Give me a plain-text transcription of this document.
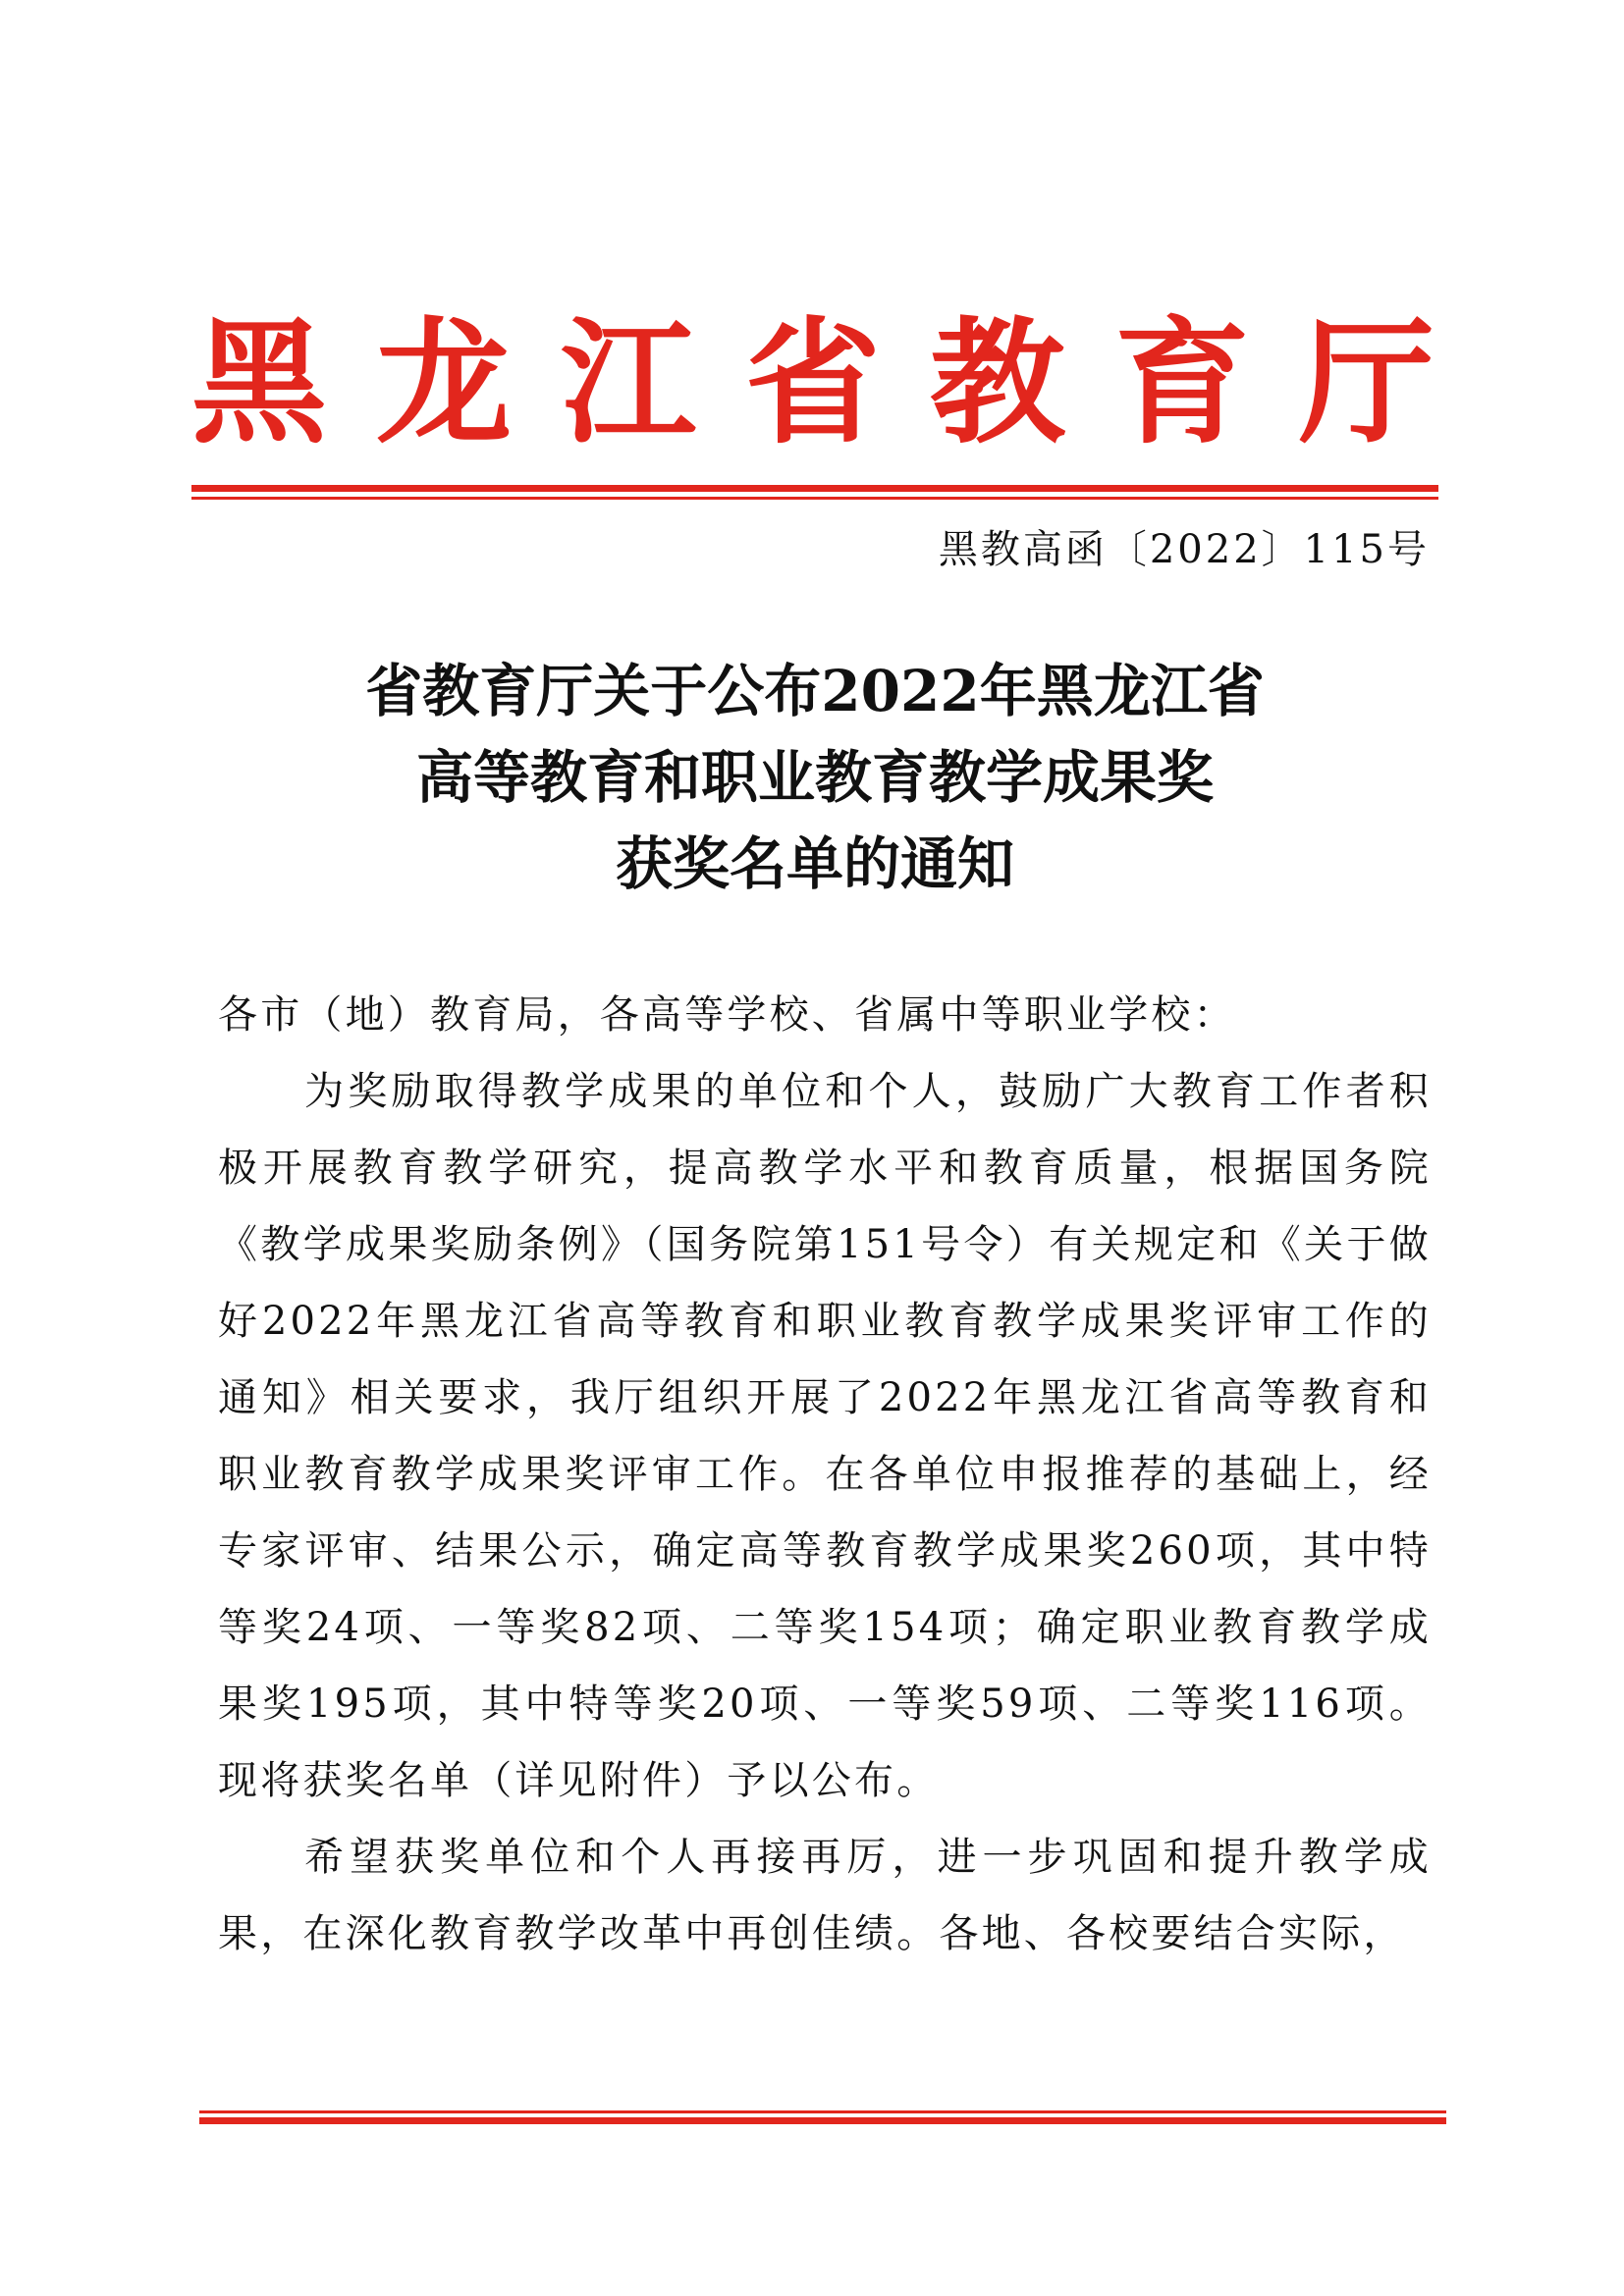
黑龙江省教育厅
黑教高函〔2022〕115号
省教育厅关于公布2022年黑龙江省
高等教育和职业教育教学成果奖
获奖名单的通知

各市（地）教育局，各高等学校、省属中等职业学校：

为奖励取得教学成果的单位和个人，鼓励广大教育工作者积极开展教育教学研究，提高教学水平和教育质量，根据国务院《教学成果奖励条例》（国务院第151号令）有关规定和《关于做好2022年黑龙江省高等教育和职业教育教学成果奖评审工作的通知》相关要求，我厅组织开展了2022年黑龙江省高等教育和职业教育教学成果奖评审工作。在各单位申报推荐的基础上，经专家评审、结果公示，确定高等教育教学成果奖260项，其中特等奖24项、一等奖82项、二等奖154项；确定职业教育教学成果奖195项，其中特等奖20项、一等奖59项、二等奖116项。现将获奖名单（详见附件）予以公布。

希望获奖单位和个人再接再厉，进一步巩固和提升教学成果，在深化教育教学改革中再创佳绩。各地、各校要结合实际，
